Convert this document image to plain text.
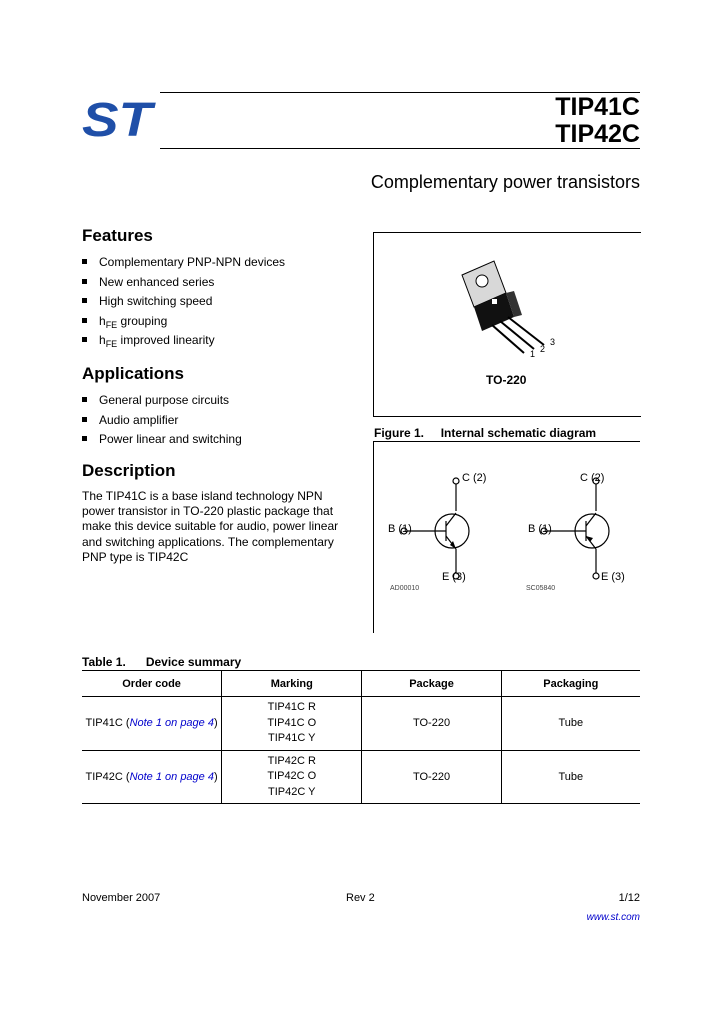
ST	TIP41C
TIP42C
Complementary power transistors
Features
Complementary PNP-NPN devices
New enhanced series
High switching speed
$h_{FE}$ grouping
$h_{FE}$ improved linearity
Applications
General purpose circuits
Audio amplifier
Power linear and switching
Description
The TIP41C is a base island technology NPN power transistor in TO-220 plastic package that make this device suitable for audio, power linear and switching applications. The complementary PNP type is TIP42C
1 2
3
TO-220
Figure 1. Internal schematic diagram
C (2)
B (1)
E (3)
AD00010
C (2)
B (1)
E (3)
SC05840
Table 1. Device summary
Order code	Marking	Package	Packaging
TIP41C (Note 1 on page 4)	TIP41C R
TIP41C O
TIP41C Y	TO-220	Tube
TIP42C (Note 1 on page 4)	TIP42C R
TIP42C O
TIP42C Y	TO-220	Tube
November 2007	Rev 2	1/12
www.st.com
